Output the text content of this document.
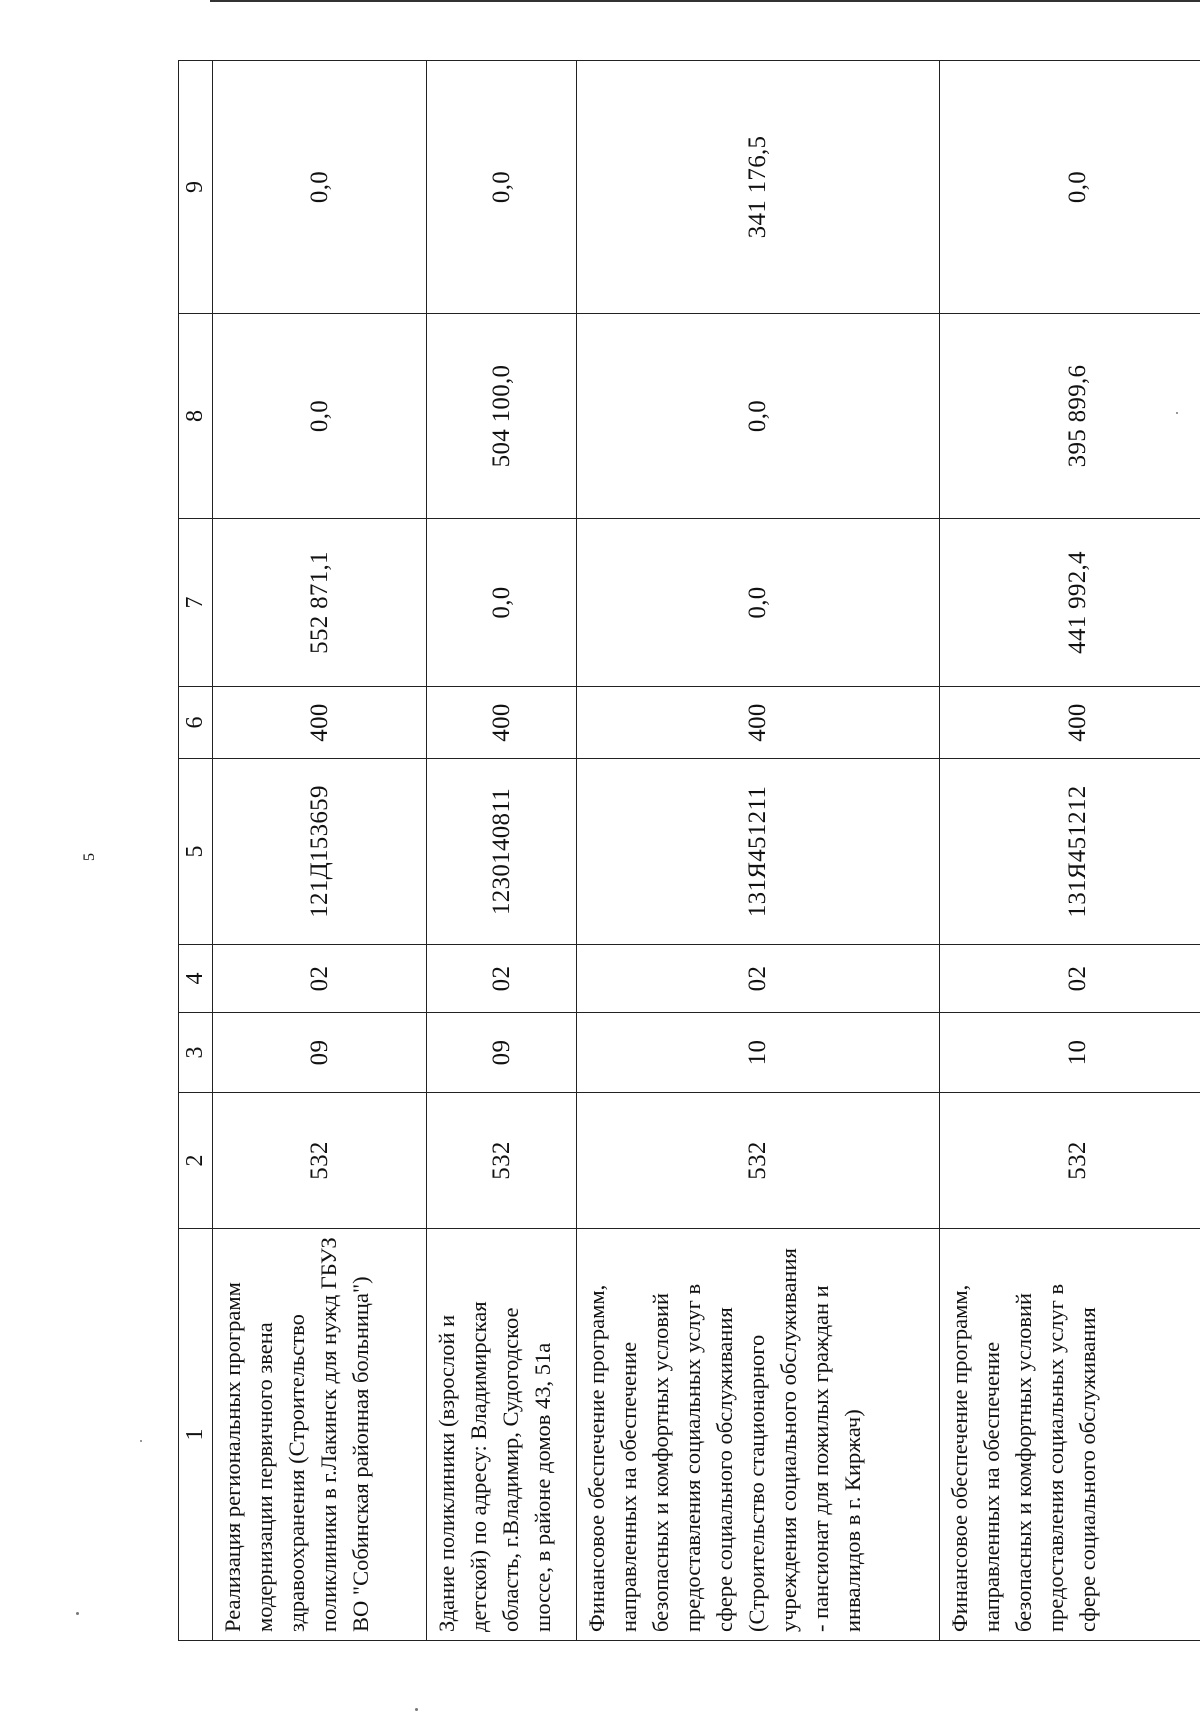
5
1	2	3	4	5	6	7	8	9
Реализация региональных программ модернизации первичного звена здравоохранения (Строительство поликлиники в г.Лакинск для нужд ГБУЗ ВО "Собинская районная больница")	532	09	02	121Д153659	400	552 871,1	0,0	0,0
Здание поликлиники (взрослой и детской) по адресу: Владимирская область, г.Владимир, Судогодское шоссе, в районе домов 43, 51а	532	09	02	1230140811	400	0,0	504 100,0	0,0
Финансовое обеспечение программ, направленных на обеспечение безопасных и комфортных условий предоставления социальных услуг в сфере социального обслуживания (Строительство стационарного учреждения социального обслуживания - пансионат для пожилых граждан и инвалидов в г. Киржач)	532	10	02	131Я451211	400	0,0	0,0	341 176,5
Финансовое обеспечение программ, направленных на обеспечение безопасных и комфортных условий предоставления социальных услуг в сфере социального обслуживания	532	10	02	131Я451212	400	441 992,4	395 899,6	0,0
